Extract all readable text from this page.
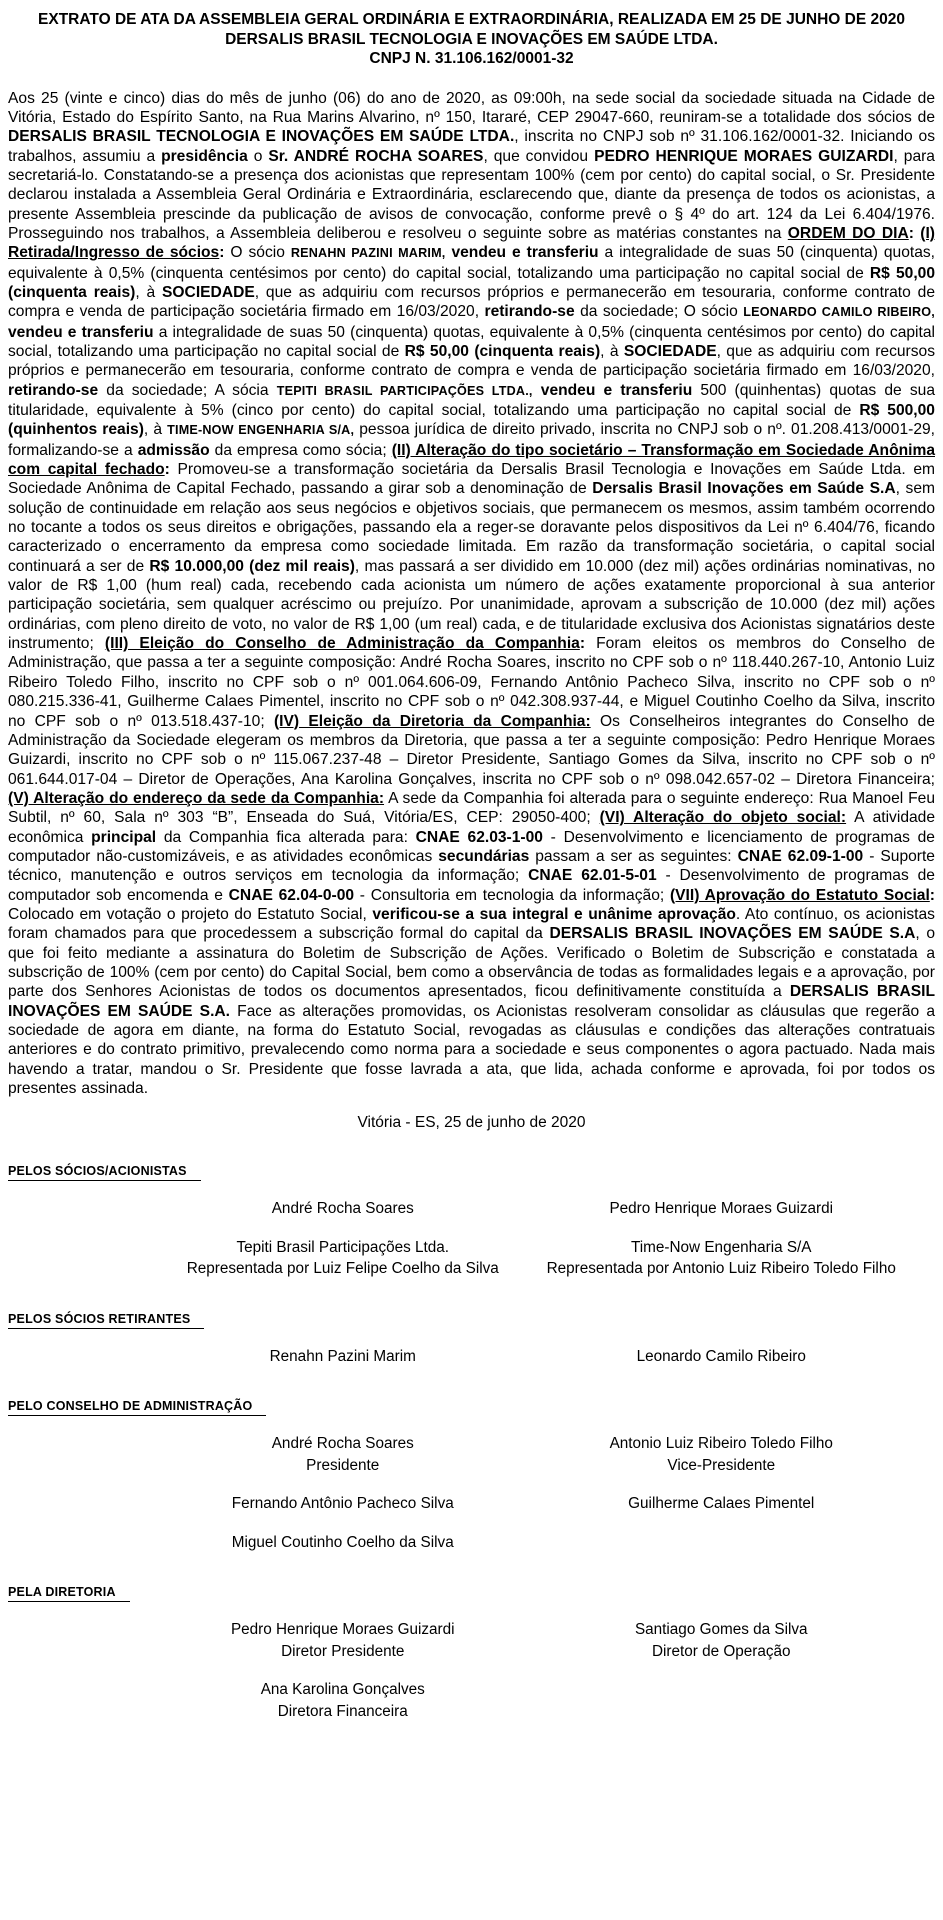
EXTRATO DE ATA DA ASSEMBLEIA GERAL ORDINÁRIA E EXTRAORDINÁRIA, REALIZADA EM 25 DE JUNHO DE 2020
DERSALIS BRASIL TECNOLOGIA E INOVAÇÕES EM SAÚDE LTDA.
CNPJ N. 31.106.162/0001-32
Aos 25 (vinte e cinco) dias do mês de junho (06) do ano de 2020, as 09:00h, na sede social da sociedade situada na Cidade de Vitória, Estado do Espírito Santo, na Rua Marins Alvarino, nº 150, Itararé, CEP 29047-660, reuniram-se a totalidade dos sócios de DERSALIS BRASIL TECNOLOGIA E INOVAÇÕES EM SAÚDE LTDA., inscrita no CNPJ sob nº 31.106.162/0001-32. Iniciando os trabalhos, assumiu a presidência o Sr. ANDRÉ ROCHA SOARES, que convidou PEDRO HENRIQUE MORAES GUIZARDI, para secretariá-lo. Constatando-se a presença dos acionistas que representam 100% (cem por cento) do capital social, o Sr. Presidente declarou instalada a Assembleia Geral Ordinária e Extraordinária, esclarecendo que, diante da presença de todos os acionistas, a presente Assembleia prescinde da publicação de avisos de convocação, conforme prevê o § 4º do art. 124 da Lei 6.404/1976. Prosseguindo nos trabalhos, a Assembleia deliberou e resolveu o seguinte sobre as matérias constantes na ORDEM DO DIA: (I) Retirada/Ingresso de sócios: O sócio RENAHN PAZINI MARIM, vendeu e transferiu a integralidade de suas 50 (cinquenta) quotas, equivalente à 0,5% (cinquenta centésimos por cento) do capital social, totalizando uma participação no capital social de R$ 50,00 (cinquenta reais), à SOCIEDADE, que as adquiriu com recursos próprios e permanecerão em tesouraria, conforme contrato de compra e venda de participação societária firmado em 16/03/2020, retirando-se da sociedade; O sócio LEONARDO CAMILO RIBEIRO, vendeu e transferiu a integralidade de suas 50 (cinquenta) quotas, equivalente à 0,5% (cinquenta centésimos por cento) do capital social, totalizando uma participação no capital social de R$ 50,00 (cinquenta reais), à SOCIEDADE, que as adquiriu com recursos próprios e permanecerão em tesouraria, conforme contrato de compra e venda de participação societária firmado em 16/03/2020, retirando-se da sociedade; A sócia TEPITI BRASIL PARTICIPAÇÕES LTDA., vendeu e transferiu 500 (quinhentas) quotas de sua titularidade, equivalente à 5% (cinco por cento) do capital social, totalizando uma participação no capital social de R$ 500,00 (quinhentos reais), à TIME-NOW ENGENHARIA S/A, pessoa jurídica de direito privado, inscrita no CNPJ sob o nº. 01.208.413/0001-29, formalizando-se a admissão da empresa como sócia; (II) Alteração do tipo societário – Transformação em Sociedade Anônima com capital fechado: Promoveu-se a transformação societária da Dersalis Brasil Tecnologia e Inovações em Saúde Ltda. em Sociedade Anônima de Capital Fechado, passando a girar sob a denominação de Dersalis Brasil Inovações em Saúde S.A, sem solução de continuidade em relação aos seus negócios e objetivos sociais, que permanecem os mesmos, assim também ocorrendo no tocante a todos os seus direitos e obrigações, passando ela a reger-se doravante pelos dispositivos da Lei nº 6.404/76, ficando caracterizado o encerramento da empresa como sociedade limitada. Em razão da transformação societária, o capital social continuará a ser de R$ 10.000,00 (dez mil reais), mas passará a ser dividido em 10.000 (dez mil) ações ordinárias nominativas, no valor de R$ 1,00 (hum real) cada, recebendo cada acionista um número de ações exatamente proporcional à sua anterior participação societária, sem qualquer acréscimo ou prejuízo. Por unanimidade, aprovam a subscrição de 10.000 (dez mil) ações ordinárias, com pleno direito de voto, no valor de R$ 1,00 (um real) cada, e de titularidade exclusiva dos Acionistas signatários deste instrumento; (III) Eleição do Conselho de Administração da Companhia: Foram eleitos os membros do Conselho de Administração, que passa a ter a seguinte composição: André Rocha Soares, inscrito no CPF sob o nº 118.440.267-10, Antonio Luiz Ribeiro Toledo Filho, inscrito no CPF sob o nº 001.064.606-09, Fernando Antônio Pacheco Silva, inscrito no CPF sob o nº 080.215.336-41, Guilherme Calaes Pimentel, inscrito no CPF sob o nº 042.308.937-44, e Miguel Coutinho Coelho da Silva, inscrito no CPF sob o nº 013.518.437-10; (IV) Eleição da Diretoria da Companhia: Os Conselheiros integrantes do Conselho de Administração da Sociedade elegeram os membros da Diretoria, que passa a ter a seguinte composição: Pedro Henrique Moraes Guizardi, inscrito no CPF sob o nº 115.067.237-48 – Diretor Presidente, Santiago Gomes da Silva, inscrito no CPF sob o nº 061.644.017-04 – Diretor de Operações, Ana Karolina Gonçalves, inscrita no CPF sob o nº 098.042.657-02 – Diretora Financeira; (V) Alteração do endereço da sede da Companhia: A sede da Companhia foi alterada para o seguinte endereço: Rua Manoel Feu Subtil, nº 60, Sala nº 303 “B”, Enseada do Suá, Vitória/ES, CEP: 29050-400; (VI) Alteração do objeto social: A atividade econômica principal da Companhia fica alterada para: CNAE 62.03-1-00 - Desenvolvimento e licenciamento de programas de computador não-customizáveis, e as atividades econômicas secundárias passam a ser as seguintes: CNAE 62.09-1-00 - Suporte técnico, manutenção e outros serviços em tecnologia da informação; CNAE 62.01-5-01 - Desenvolvimento de programas de computador sob encomenda e CNAE 62.04-0-00 - Consultoria em tecnologia da informação; (VII) Aprovação do Estatuto Social: Colocado em votação o projeto do Estatuto Social, verificou-se a sua integral e unânime aprovação. Ato contínuo, os acionistas foram chamados para que procedessem a subscrição formal do capital da DERSALIS BRASIL INOVAÇÕES EM SAÚDE S.A, o que foi feito mediante a assinatura do Boletim de Subscrição de Ações. Verificado o Boletim de Subscrição e constatada a subscrição de 100% (cem por cento) do Capital Social, bem como a observância de todas as formalidades legais e a aprovação, por parte dos Senhores Acionistas de todos os documentos apresentados, ficou definitivamente constituída a DERSALIS BRASIL INOVAÇÕES EM SAÚDE S.A. Face as alterações promovidas, os Acionistas resolveram consolidar as cláusulas que regerão a sociedade de agora em diante, na forma do Estatuto Social, revogadas as cláusulas e condições das alterações contratuais anteriores e do contrato primitivo, prevalecendo como norma para a sociedade e seus componentes o agora pactuado. Nada mais havendo a tratar, mandou o Sr. Presidente que fosse lavrada a ata, que lida, achada conforme e aprovada, foi por todos os presentes assinada.
Vitória - ES, 25 de junho de 2020
PELOS SÓCIOS/ACIONISTAS
André Rocha Soares	Pedro Henrique Moraes Guizardi
Tepiti Brasil Participações Ltda.
Representada por Luiz Felipe Coelho da Silva
Time-Now Engenharia S/A
Representada por Antonio Luiz Ribeiro Toledo Filho
PELOS SÓCIOS RETIRANTES
Renahn Pazini Marim	Leonardo Camilo Ribeiro
PELO CONSELHO DE ADMINISTRAÇÃO
André Rocha Soares
Presidente
Antonio Luiz Ribeiro Toledo Filho
Vice-Presidente
Fernando Antônio Pacheco Silva	Guilherme Calaes Pimentel
Miguel Coutinho Coelho da Silva
PELA DIRETORIA
Pedro Henrique Moraes Guizardi
Diretor Presidente
Santiago Gomes da Silva
Diretor de Operação
Ana Karolina Gonçalves
Diretora Financeira
